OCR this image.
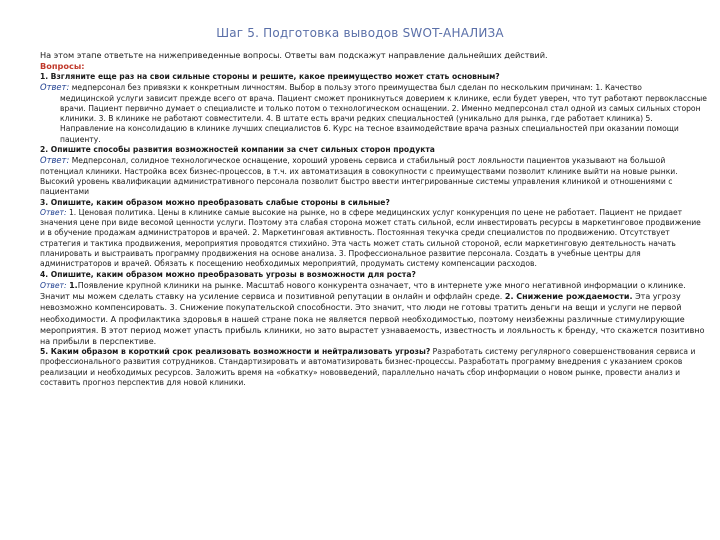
Шаг 5. Подготовка выводов SWOT-АНАЛИЗА

На этом этапе ответьте на нижеприведенные вопросы. Ответы вам подскажут направление дальнейших действий.

Вопросы:

1. Взгляните еще раз на свои сильные стороны и решите, какое преимущество может стать основным?

Ответ: медперсонал без привязки к конкретным личностям. Выбор в пользу этого преимущества был сделан по нескольким причинам: 1. Качество

медицинской услуги зависит прежде всего от врача. Пациент сможет проникнуться доверием к клинике, если будет уверен, что тут работают первоклассные врачи. Пациент первично думает о специалисте и только потом о технологическом оснащении. 2. Именно медперсонал стал одной из самых сильных сторон клиники. 3. В клинике не работают совместители. 4. В штате есть врачи редких специальностей (уникально для рынка, где работает клиника) 5. Направление на консолидацию в клинике лучших специалистов 6. Курс на тесное взаимодействие врача разных специальностей при оказании помощи пациенту.

2. Опишите способы развития возможностей компании за счет сильных сторон продукта

Ответ: Медперсонал, солидное технологическое оснащение, хороший уровень сервиса и стабильный рост лояльности пациентов указывают на большой потенциал клиники. Настройка всех бизнес-процессов, в т.ч. их автоматизация в совокупности с преимуществами позволит клинике выйти на новые рынки. Высокий уровень квалификации административного персонала позволит быстро ввести интегрированные системы управления клиникой и отношениями с пациентами

3. Опишите, каким образом можно преобразовать слабые стороны в сильные?

Ответ: 1. Ценовая политика. Цены в клинике самые высокие на рынке, но в сфере медицинских услуг конкуренция по цене не работает. Пациент не придает значения цене при виде весомой ценности услуги. Поэтому эта слабая сторона может стать сильной, если инвестировать ресурсы в маркетинговое продвижение и в обучение продажам администраторов и врачей. 2. Маркетинговая активность. Постоянная текучка среди специалистов по продвижению. Отсутствует стратегия и тактика продвижения, мероприятия проводятся стихийно. Эта часть может стать сильной стороной, если маркетинговую деятельность начать планировать и выстраивать программу продвижения на основе анализа. 3. Профессиональное развитие персонала. Создать в учебные центры для администраторов и врачей. Обязать к посещению необходимых мероприятий, продумать систему компенсации расходов.

4. Опишите, каким образом можно преобразовать угрозы в возможности для роста?

Ответ: 1.Появление крупной клиники на рынке. Масштаб нового конкурента означает, что в интернете уже много негативной информации о клинике. Значит мы можем сделать ставку на усиление сервиса и позитивной репутации в онлайн и оффлайн среде. 2. Снижение рождаемости. Эта угрозу невозможно компенсировать. 3. Снижение покупательской способности. Это значит, что люди не готовы тратить деньги на вещи и услуги не первой необходимости. А профилактика здоровья в нашей стране пока не является первой необходимостью, поэтому неизбежны различные стимулирующие мероприятия. В этот период может упасть прибыль клиники, но зато вырастет узнаваемость, известность и лояльность к бренду, что скажется позитивно

на прибыли в перспективе.

5. Каким образом в короткий срок реализовать возможности и нейтрализовать угрозы? Разработать систему регулярного совершенствования сервиса и профессионального развития сотрудников. Стандартизировать и автоматизировать бизнес-процессы. Разработать программу внедрения с указанием сроков реализации и необходимых ресурсов. Заложить время на «обкатку» нововведений, параллельно начать сбор информации о новом рынке, провести анализ и составить прогноз перспектив для новой клиники.
